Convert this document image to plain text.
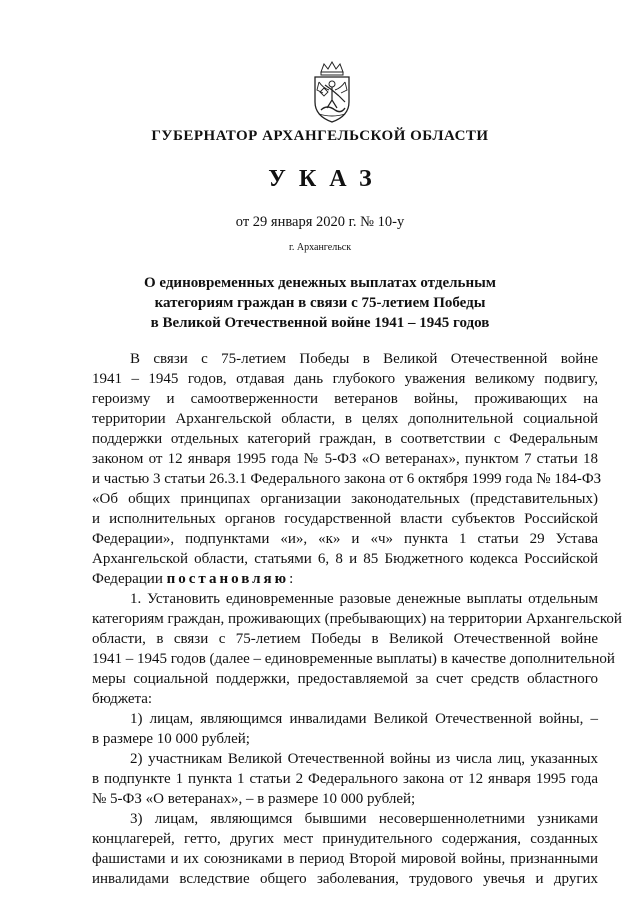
ГУБЕРНАТОР АРХАНГЕЛЬСКОЙ ОБЛАСТИ
УКАЗ
от 29 января 2020 г. № 10-у
г. Архангельск
О единовременных денежных выплатах отдельным
категориям граждан в связи с 75-летием Победы
в Великой Отечественной войне 1941 – 1945 годов
В связи с 75-летием Победы в Великой Отечественной войне
1941 – 1945 годов, отдавая дань глубокого уважения великому подвигу,
героизму и самоотверженности ветеранов войны, проживающих на
территории Архангельской области, в целях дополнительной социальной
поддержки отдельных категорий граждан, в соответствии с Федеральным
законом от 12 января 1995 года № 5-ФЗ «О ветеранах», пунктом 7 статьи 18
и частью 3 статьи 26.3.1 Федерального закона от 6 октября 1999 года № 184-ФЗ
«Об общих принципах организации законодательных (представительных)
и исполнительных органов государственной власти субъектов Российской
Федерации», подпунктами «и», «к» и «ч» пункта 1 статьи 29 Устава
Архангельской области, статьями 6, 8 и 85 Бюджетного кодекса Российской
Федерации постановляю:
1. Установить единовременные разовые денежные выплаты отдельным
категориям граждан, проживающих (пребывающих) на территории Архангельской
области, в связи с 75-летием Победы в Великой Отечественной войне
1941 – 1945 годов (далее – единовременные выплаты) в качестве дополнительной
меры социальной поддержки, предоставляемой за счет средств областного
бюджета:
1) лицам, являющимся инвалидами Великой Отечественной войны, –
в размере 10 000 рублей;
2) участникам Великой Отечественной войны из числа лиц, указанных
в подпункте 1 пункта 1 статьи 2 Федерального закона от 12 января 1995 года
№ 5-ФЗ «О ветеранах», – в размере 10 000 рублей;
3) лицам, являющимся бывшими несовершеннолетними узниками
концлагерей, гетто, других мест принудительного содержания, созданных
фашистами и их союзниками в период Второй мировой войны, признанными
инвалидами вследствие общего заболевания, трудового увечья и других
